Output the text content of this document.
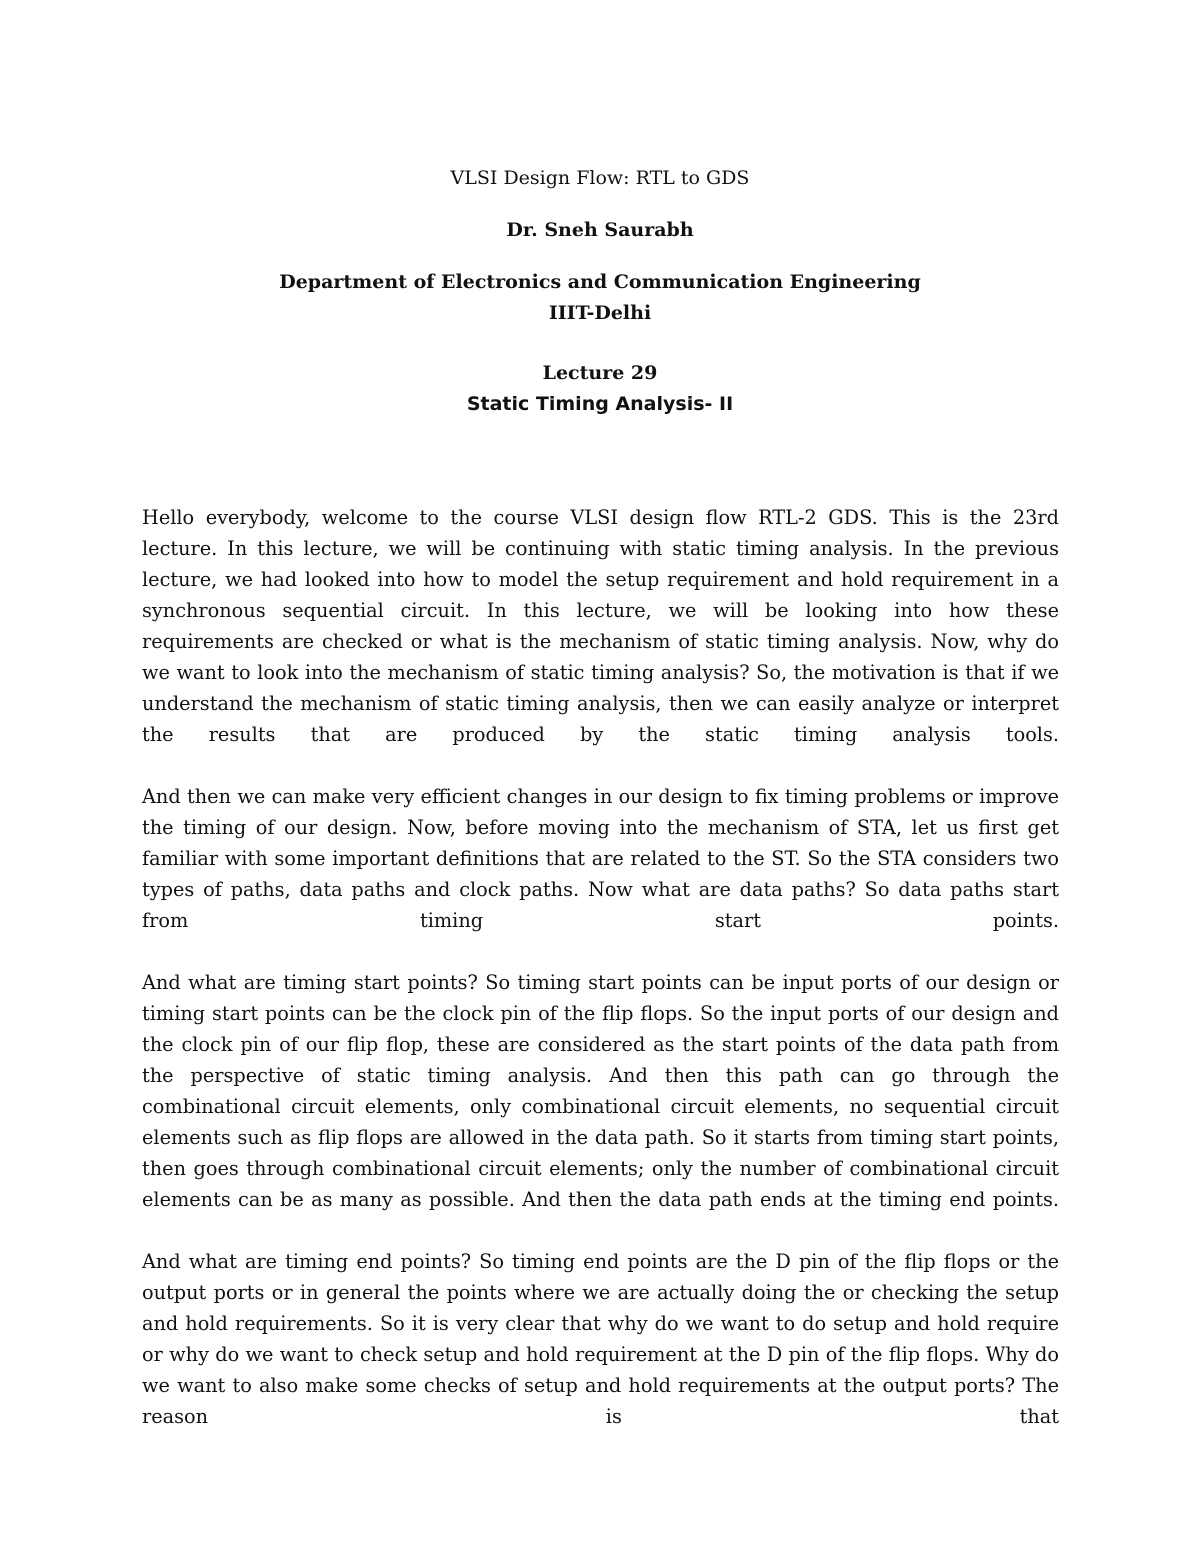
VLSI Design Flow: RTL to GDS
Dr. Sneh Saurabh
Department of Electronics and Communication Engineering
IIIT-Delhi
Lecture 29
Static Timing Analysis- II

Hello everybody, welcome to the course VLSI design flow RTL-2 GDS. This is the 23rd lecture. In this lecture, we will be continuing with static timing analysis. In the previous lecture, we had looked into how to model the setup requirement and hold requirement in a synchronous sequential circuit. In this lecture, we will be looking into how these requirements are checked or what is the mechanism of static timing analysis. Now, why do we want to look into the mechanism of static timing analysis? So, the motivation is that if we understand the mechanism of static timing analysis, then we can easily analyze or interpret the results that are produced by the static timing analysis tools.

And then we can make very efficient changes in our design to fix timing problems or improve the timing of our design. Now, before moving into the mechanism of STA, let us first get familiar with some important definitions that are related to the ST. So the STA considers two types of paths, data paths and clock paths. Now what are data paths? So data paths start from timing start points.

And what are timing start points? So timing start points can be input ports of our design or timing start points can be the clock pin of the flip flops. So the input ports of our design and the clock pin of our flip flop, these are considered as the start points of the data path from the perspective of static timing analysis. And then this path can go through the combinational circuit elements, only combinational circuit elements, no sequential circuit elements such as flip flops are allowed in the data path. So it starts from timing start points, then goes through combinational circuit elements; only the number of combinational circuit elements can be as many as possible. And then the data path ends at the timing end points.

And what are timing end points? So timing end points are the D pin of the flip flops or the output ports or in general the points where we are actually doing the or checking the setup and hold requirements. So it is very clear that why do we want to do setup and hold require or why do we want to check setup and hold requirement at the D pin of the flip flops. Why do we want to also make some checks of setup and hold requirements at the output ports? The reason is that
